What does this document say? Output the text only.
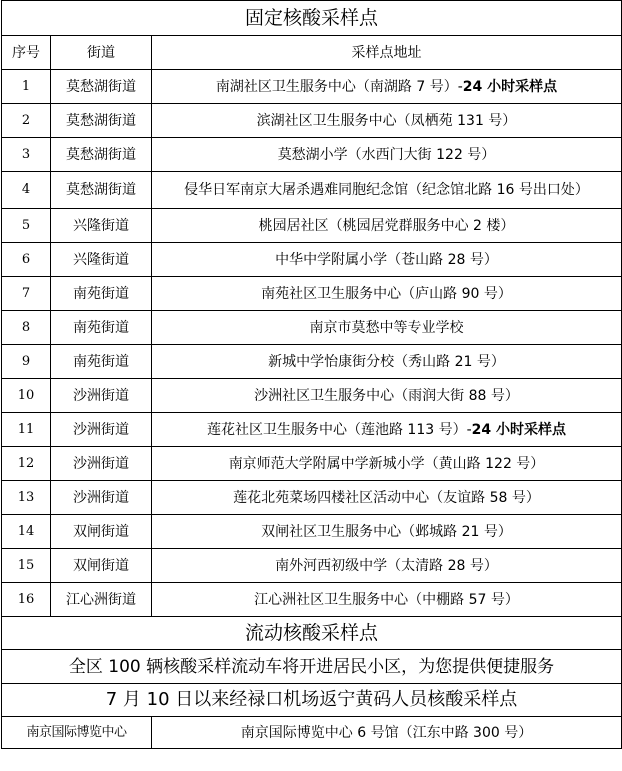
固定核酸采样点		
序号	街道	采样点地址
1	莫愁湖街道	南湖社区卫生服务中心（南湖路 7 号）-24 小时采样点
2	莫愁湖街道	滨湖社区卫生服务中心（凤栖苑 131 号）
3	莫愁湖街道	莫愁湖小学（水西门大街 122 号）
4	莫愁湖街道	侵华日军南京大屠杀遇难同胞纪念馆（纪念馆北路 16 号出口处）
5	兴隆街道	桃园居社区（桃园居党群服务中心 2 楼）
6	兴隆街道	中华中学附属小学（苍山路 28 号）
7	南苑街道	南苑社区卫生服务中心（庐山路 90 号）
8	南苑街道	南京市莫愁中等专业学校
9	南苑街道	新城中学怡康街分校（秀山路 21 号）
10	沙洲街道	沙洲社区卫生服务中心（雨润大街 88 号）
11	沙洲街道	莲花社区卫生服务中心（莲池路 113 号）-24 小时采样点
12	沙洲街道	南京师范大学附属中学新城小学（黄山路 122 号）
13	沙洲街道	莲花北苑菜场四楼社区活动中心（友谊路 58 号）
14	双闸街道	双闸社区卫生服务中心（邺城路 21 号）
15	双闸街道	南外河西初级中学（太清路 28 号）
16	江心洲街道	江心洲社区卫生服务中心（中棚路 57 号）
流动核酸采样点		
全区 100 辆核酸采样流动车将开进居民小区，为您提供便捷服务		
7 月 10 日以来经禄口机场返宁黄码人员核酸采样点		
南京国际博览中心		南京国际博览中心 6 号馆（江东中路 300 号）
